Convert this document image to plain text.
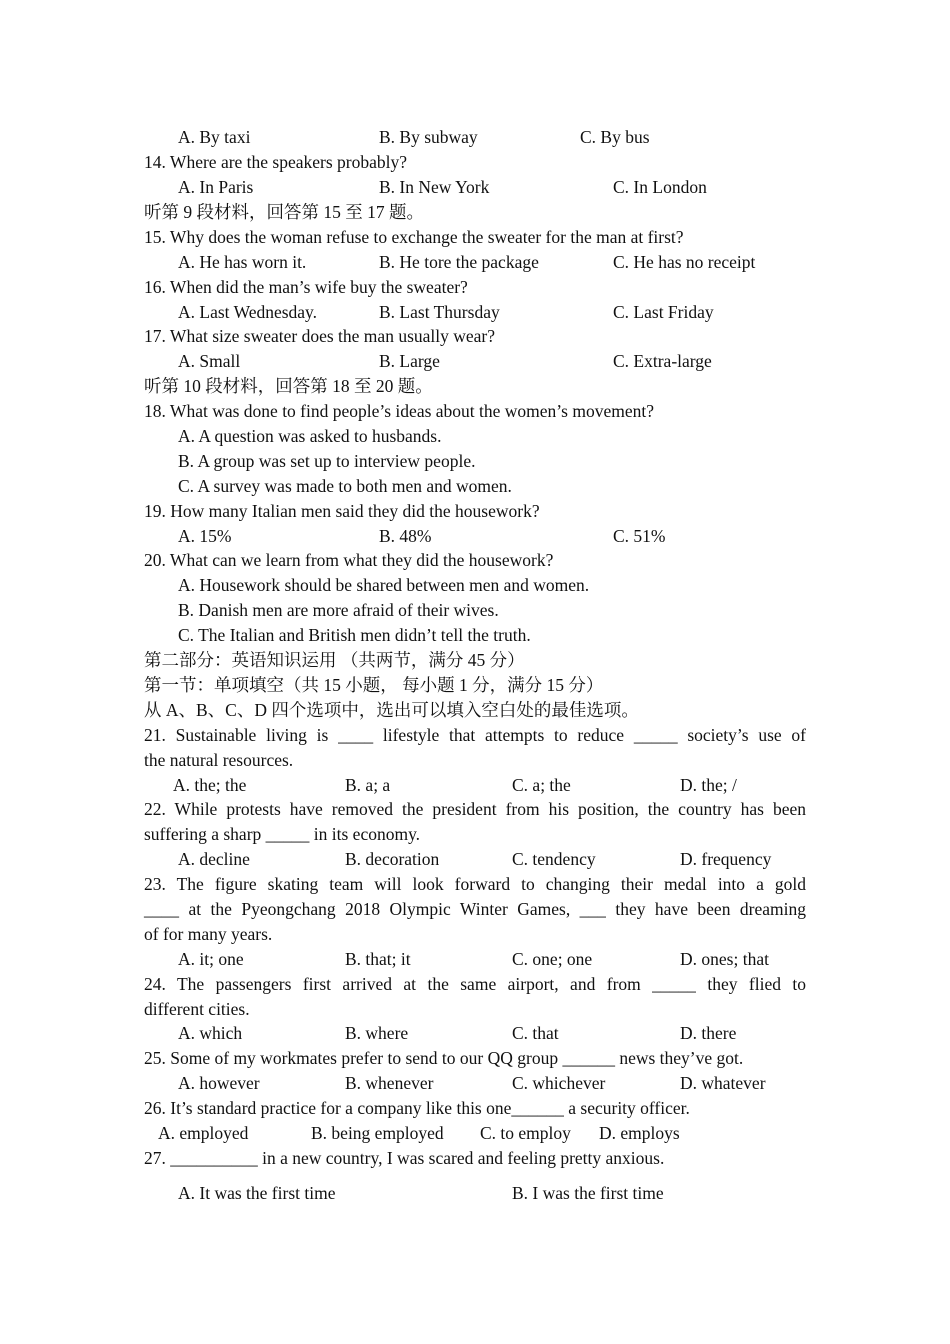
A. By taxi	B. By subway	C. By bus
14. Where are the speakers probably?
A. In Paris	B. In New York	C. In London
听第 9 段材料，回答第 15 至 17 题。
15. Why does the woman refuse to exchange the sweater for the man at first?
A. He has worn it.	B. He tore the package	C. He has no receipt
16. When did the man’s wife buy the sweater?
A. Last Wednesday.	B. Last Thursday	C. Last Friday
17. What size sweater does the man usually wear?
A. Small	B. Large	C. Extra-large
听第 10 段材料，回答第 18 至 20 题。
18. What was done to find people’s ideas about the women’s movement?
A. A question was asked to husbands.
B. A group was set up to interview people.
C. A survey was made to both men and women.
19. How many Italian men said they did the housework?
A. 15%	B. 48%	C. 51%
20. What can we learn from what they did the housework?
A. Housework should be shared between men and women.
B. Danish men are more afraid of their wives.
C. The Italian and British men didn’t tell the truth.
第二部分：英语知识运用 （共两节，满分 45 分）
第一节：单项填空（共 15 小题， 每小题 1 分，满分 15 分）
从 A、B、C、D 四个选项中，选出可以填入空白处的最佳选项。
21. Sustainable living is ____ lifestyle that attempts to reduce _____ society’s use of
the natural resources.
A. the; the	B. a; a	C. a; the	D. the; /
22. While protests have removed the president from his position, the country has been
suffering a sharp _____ in its economy.
A. decline	B. decoration	C. tendency	D. frequency
23. The figure skating team will look forward to changing their medal into a gold
____ at the Pyeongchang 2018 Olympic Winter Games, ___ they have been dreaming
of for many years.
A. it; one	B. that; it	C. one; one	D. ones; that
24. The passengers first arrived at the same airport, and from _____ they flied to
different cities.
A. which	B. where	C. that	D. there
25. Some of my workmates prefer to send to our QQ group ______ news they’ve got.
A. however	B. whenever	C. whichever	D. whatever
26. It’s standard practice for a company like this one______ a security officer.
A. employed	B. being employed C. to employ D. employs
27. __________ in a new country, I was scared and feeling pretty anxious.
A. It was the first time	B. I was the first time
